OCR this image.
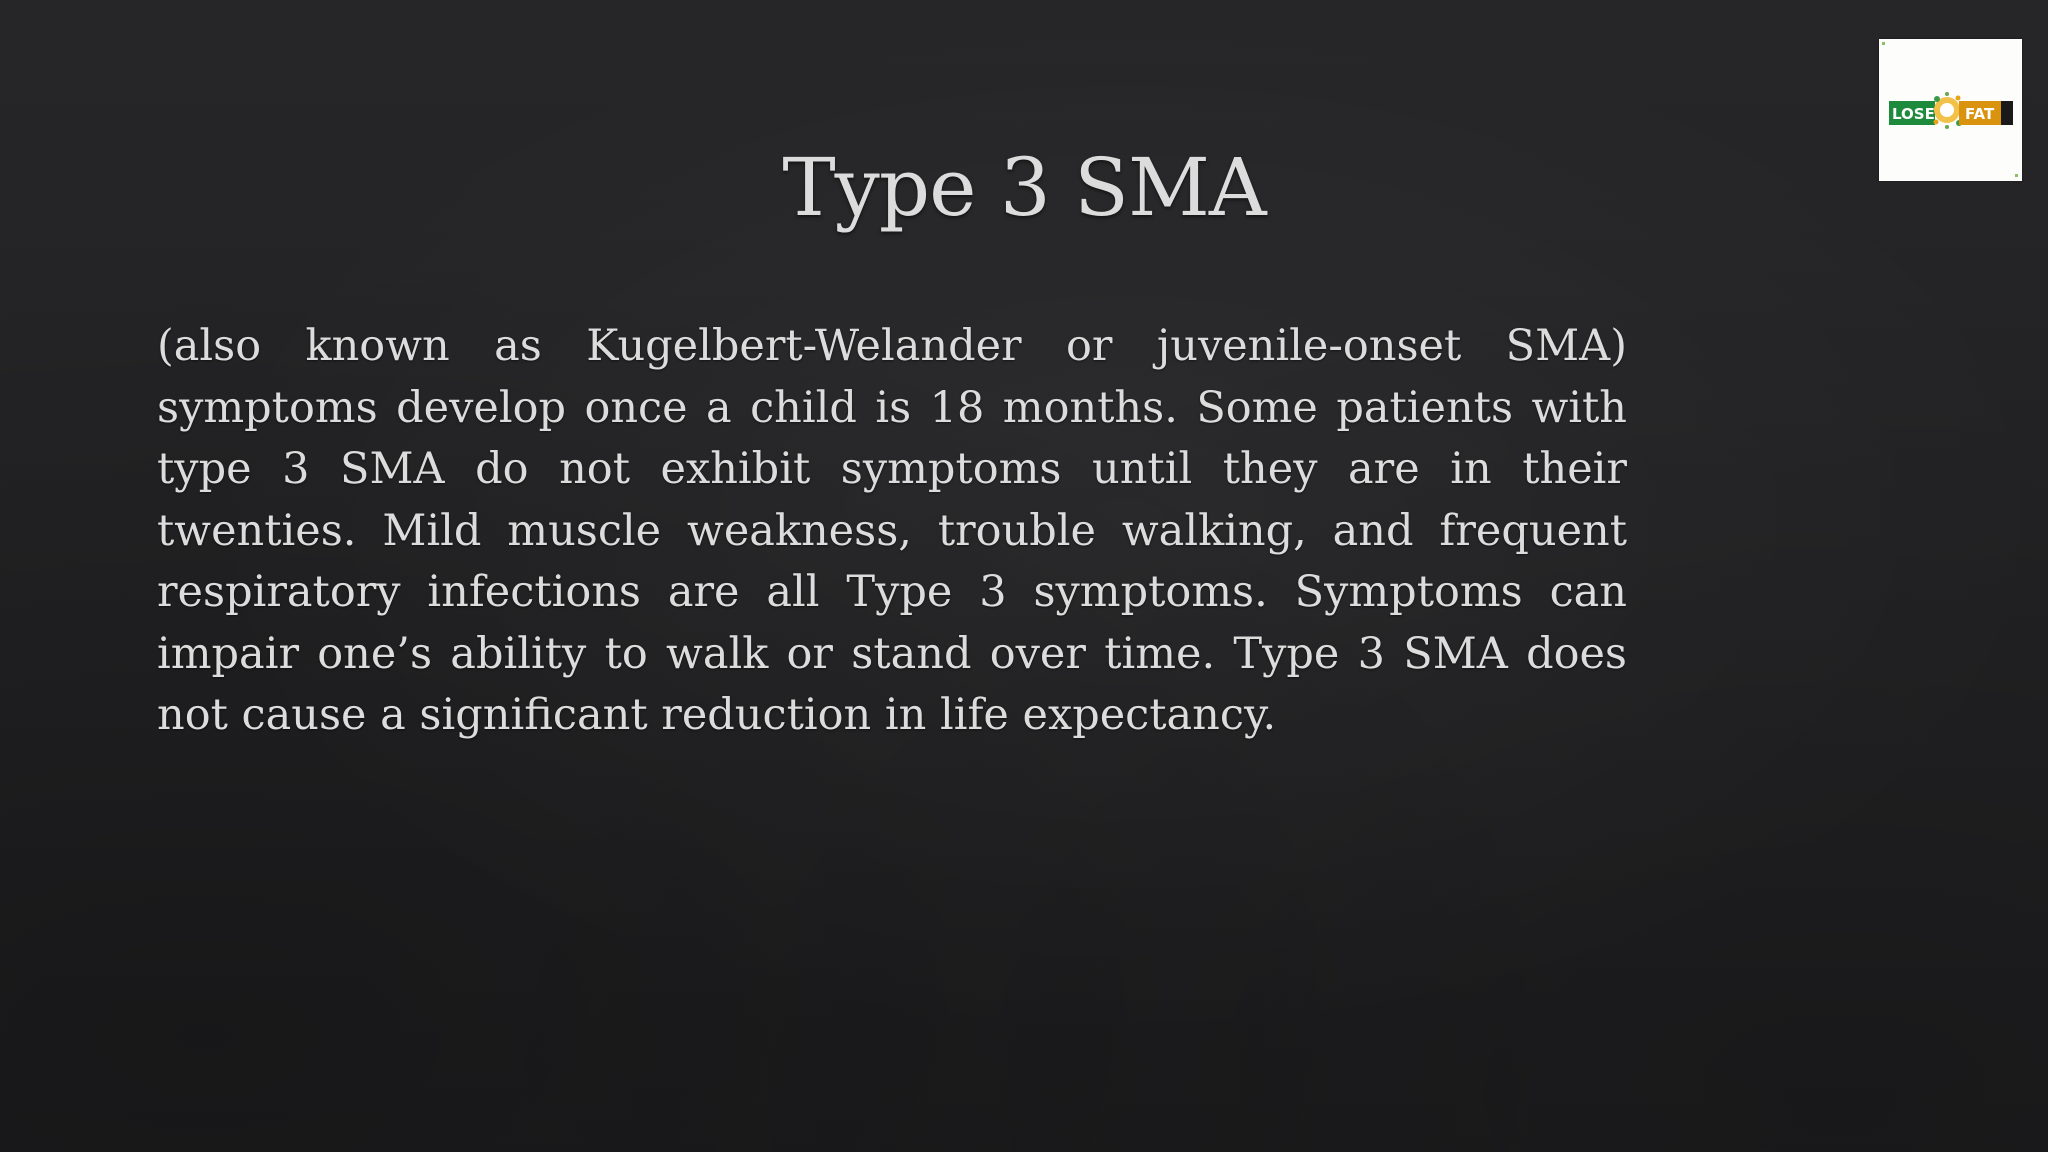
Type 3 SMA

(also known as Kugelbert-Welander or juvenile-onset SMA) symptoms develop once a child is 18 months. Some patients with type 3 SMA do not exhibit symptoms until they are in their twenties. Mild muscle weakness, trouble walking, and frequent respiratory infections are all Type 3 symptoms. Symptoms can impair one’s ability to walk or stand over time. Type 3 SMA does not cause a significant reduction in life expectancy.

LOSE FAT
